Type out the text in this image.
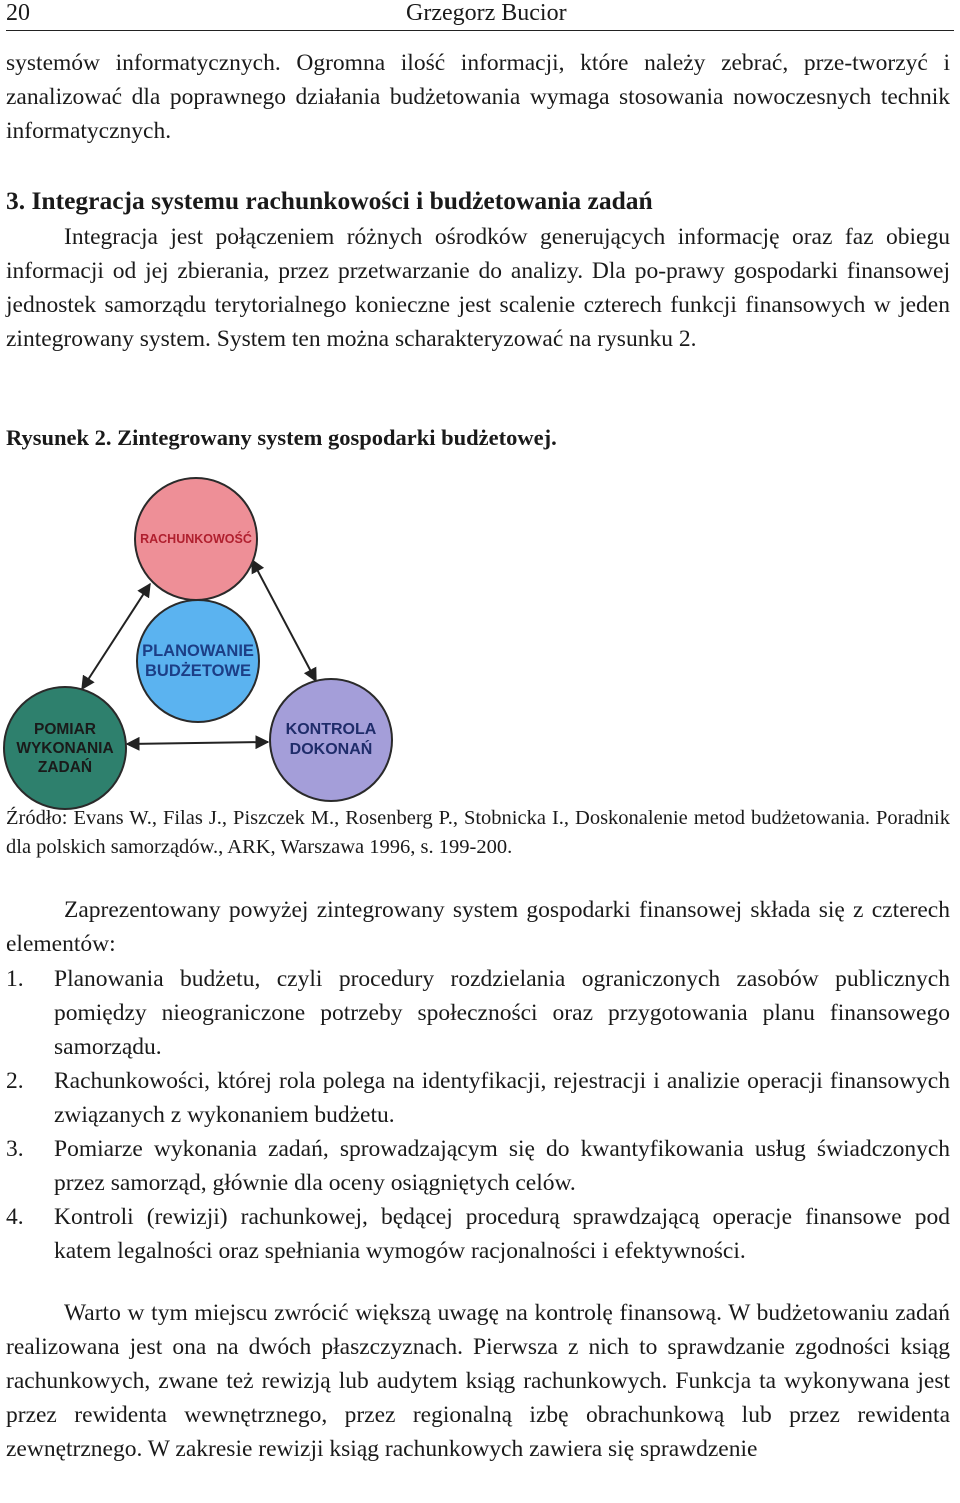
20	Grzegorz Bucior
systemów informatycznych. Ogromna ilość informacji, które należy zebrać, prze-tworzyć i zanalizować dla poprawnego działania budżetowania wymaga stosowania nowoczesnych technik informatycznych.
3. Integracja systemu rachunkowości i budżetowania zadań
Integracja jest połączeniem różnych ośrodków generujących informację oraz faz obiegu informacji od jej zbierania, przez przetwarzanie do analizy. Dla po-prawy gospodarki finansowej jednostek samorządu terytorialnego konieczne jest scalenie czterech funkcji finansowych w jeden zintegrowany system. System ten można scharakteryzować na rysunku 2.
Rysunek 2. Zintegrowany system gospodarki budżetowej.
RACHUNKOWOŚĆ
PLANOWANIE
BUDŻETOWE
POMIAR
WYKONANIA
ZADAŃ
KONTROLA
DOKONAŃ
Źródło: Evans W., Filas J., Piszczek M., Rosenberg P., Stobnicka I., Doskonalenie metod budżetowania. Poradnik dla polskich samorządów., ARK, Warszawa 1996, s. 199-200.
Zaprezentowany powyżej zintegrowany system gospodarki finansowej składa się z czterech elementów:
1. Planowania budżetu, czyli procedury rozdzielania ograniczonych zasobów publicznych pomiędzy nieograniczone potrzeby społeczności oraz przygotowania planu finansowego samorządu.
2. Rachunkowości, której rola polega na identyfikacji, rejestracji i analizie operacji finansowych związanych z wykonaniem budżetu.
3. Pomiarze wykonania zadań, sprowadzającym się do kwantyfikowania usług świadczonych przez samorząd, głównie dla oceny osiągniętych celów.
4. Kontroli (rewizji) rachunkowej, będącej procedurą sprawdzającą operacje finansowe pod katem legalności oraz spełniania wymogów racjonalności i efektywności.
Warto w tym miejscu zwrócić większą uwagę na kontrolę finansową. W budżetowaniu zadań realizowana jest ona na dwóch płaszczyznach. Pierwsza z nich to sprawdzanie zgodności ksiąg rachunkowych, zwane też rewizją lub audytem ksiąg rachunkowych. Funkcja ta wykonywana jest przez rewidenta wewnętrznego, przez regionalną izbę obrachunkową lub przez rewidenta zewnętrznego. W zakresie rewizji ksiąg rachunkowych zawiera się sprawdzenie
